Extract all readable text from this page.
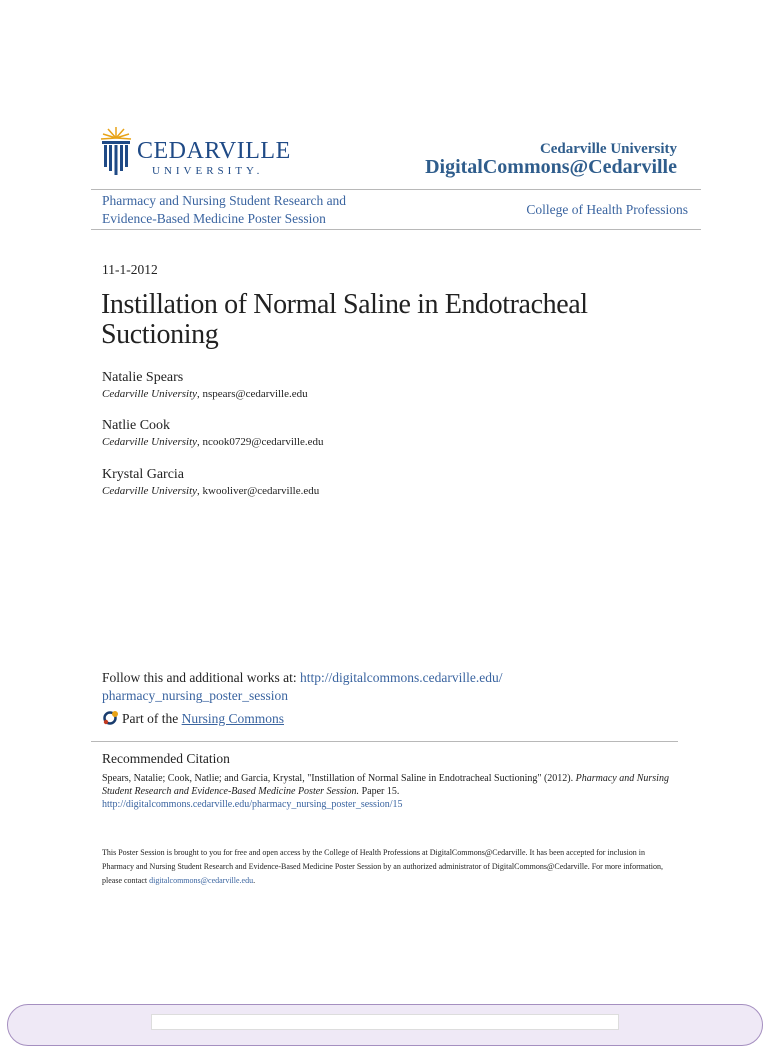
CEDARVILLE
UNIVERSITY.
Cedarville University
DigitalCommons@Cedarville
Pharmacy and Nursing Student Research and Evidence-Based Medicine Poster Session
College of Health Professions
11-1-2012
Instillation of Normal Saline in Endotracheal Suctioning
Natalie Spears
Cedarville University, nspears@cedarville.edu
Natlie Cook
Cedarville University, ncook0729@cedarville.edu
Krystal Garcia
Cedarville University, kwooliver@cedarville.edu
Follow this and additional works at: http://digitalcommons.cedarville.edu/
pharmacy_nursing_poster_session
Part of the Nursing Commons
Recommended Citation
Spears, Natalie; Cook, Natlie; and Garcia, Krystal, "Instillation of Normal Saline in Endotracheal Suctioning" (2012). Pharmacy and Nursing Student Research and Evidence-Based Medicine Poster Session. Paper 15.
http://digitalcommons.cedarville.edu/pharmacy_nursing_poster_session/15
This Poster Session is brought to you for free and open access by the College of Health Professions at DigitalCommons@Cedarville. It has been accepted for inclusion in Pharmacy and Nursing Student Research and Evidence-Based Medicine Poster Session by an authorized administrator of DigitalCommons@Cedarville. For more information, please contact digitalcommons@cedarville.edu.
